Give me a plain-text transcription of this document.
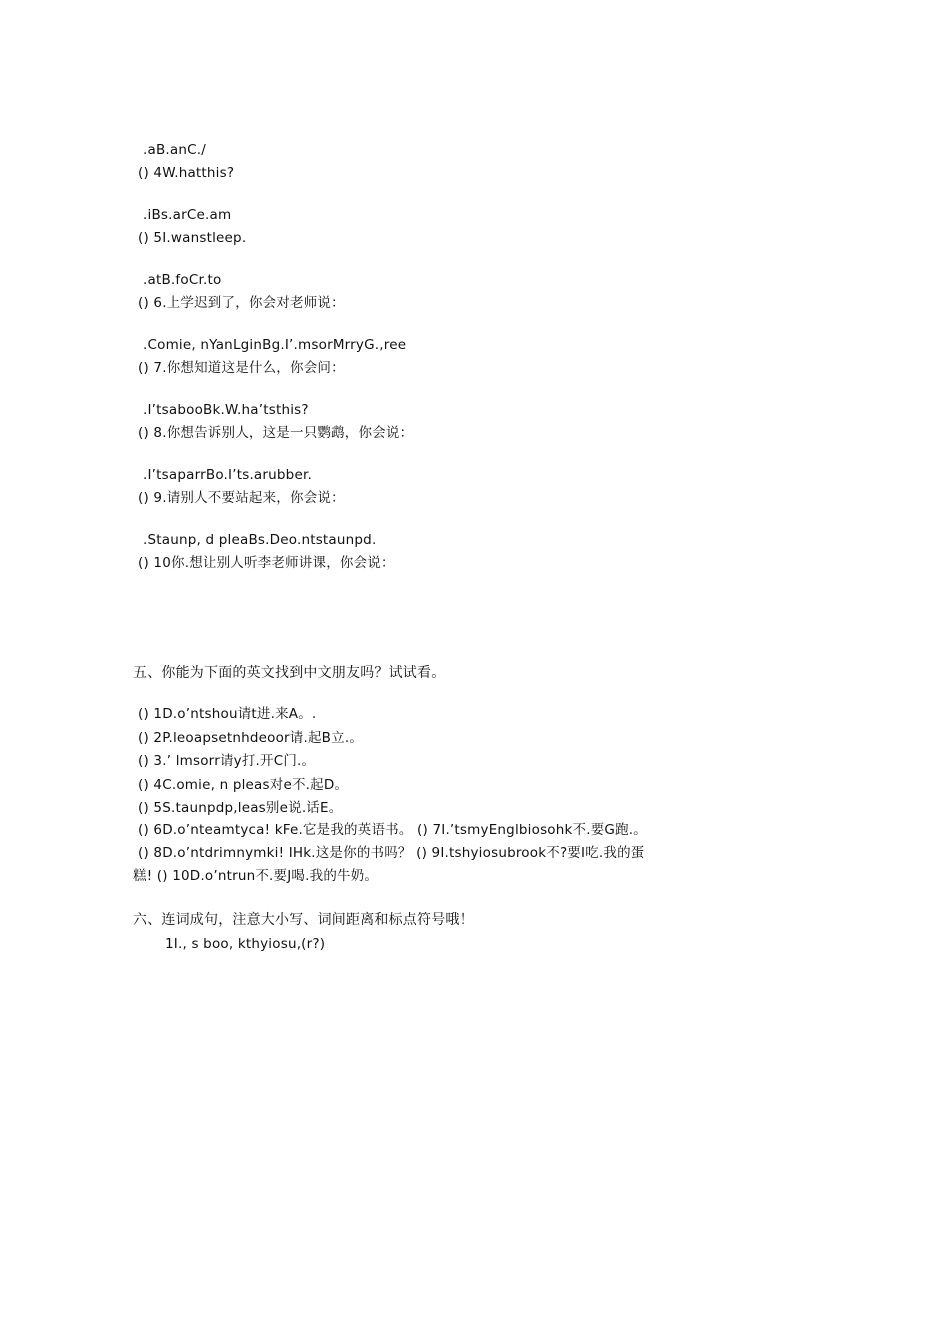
.aB.anC./
() 4W.hatthis?
.iBs.arCe.am
() 5I.wanstleep.
.atB.foCr.to
() 6.上学迟到了，你会对老师说：
.Comie, nYanLginBg.I’.msorMrryG.,ree
() 7.你想知道这是什么，你会问：
.I’tsabooBk.W.ha’tsthis?
() 8.你想告诉别人，这是一只鹦鹉，你会说：
.I’tsaparrBo.I’ts.arubber.
() 9.请别人不要站起来，你会说：
.Staunp, d pleaBs.Deo.ntstaunpd.
() 10你.想让别人听李老师讲课，你会说：
五、你能为下面的英文找到中文朋友吗？试试看。
() 1D.o’ntshou请t进.来A。.
() 2P.leoapsetnhdeoor请.起B立.。
() 3.’ lmsorr请y打.开C门.。
() 4C.omie, n pleas对e不.起D。
() 5S.taunpdp,leas别e说.话E。
() 6D.o’nteamtyca! kFe.它是我的英语书。 () 7I.’tsmyEnglbiosohk不.要G跑.。
() 8D.o’ntdrimnymki! IHk.这是你的书吗？ () 9I.tshyiosubrook不?要I吃.我的蛋
糕! () 10D.o’ntrun不.要J喝.我的牛奶。
六、连词成句，注意大小写、词间距离和标点符号哦！
1I., s boo, kthyiosu,(r?)
